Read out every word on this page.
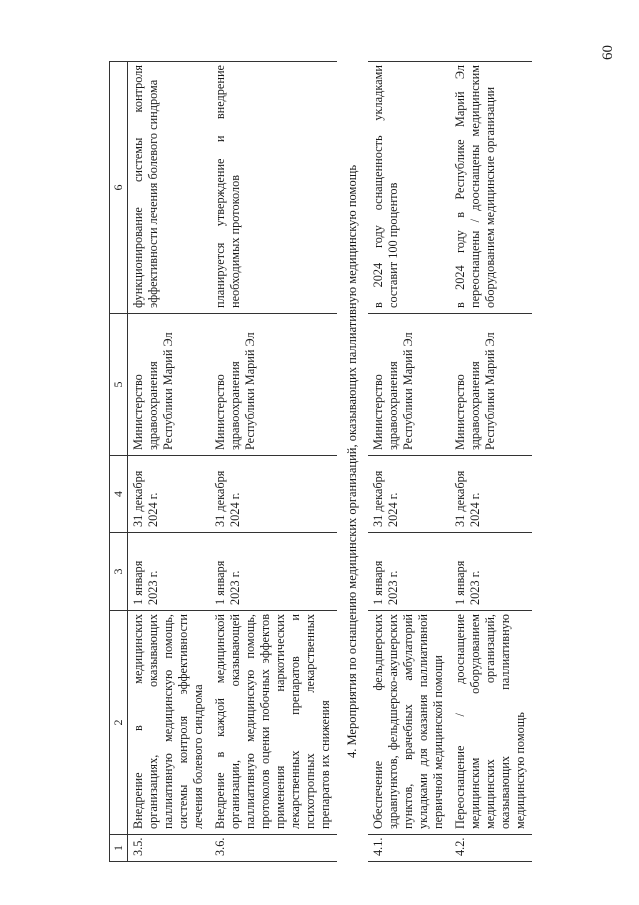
60
1	2	3	4	5	6
3.5.	Внедрение в медицинских организациях, оказывающих паллиативную медицинскую помощь, системы контроля эффективности лечения болевого синдрома	1 января 2023 г.	31 декабря 2024 г.	Министерство здравоохранения Республики Марий Эл	функционирование системы контроля эффективности лечения болевого синдрома
3.6.	Внедрение в каждой медицинской организации, оказывающей паллиативную медицинскую помощь, протоколов оценки побочных эффектов применения наркотических лекарственных препаратов и психотропных лекарственных препаратов их снижения	1 января 2023 г.	31 декабря 2024 г.	Министерство здравоохранения Республики Марий Эл	планируется утверждение и внедрение необходимых протоколов
4. Мероприятия по оснащению медицинских организаций, оказывающих паллиативную медицинскую помощь					
4.1.	Обеспечение фельдшерских здравпунктов, фельдшерско-акушерских пунктов, врачебных амбулаторий укладками для оказания паллиативной первичной медицинской помощи	1 января 2023 г.	31 декабря 2024 г.	Министерство здравоохранения Республики Марий Эл	в 2024 году оснащенность укладками составит 100 процентов
4.2.	Переоснащение / дооснащение медицинским оборудованием медицинских организаций, оказывающих паллиативную медицинскую помощь	1 января 2023 г.	31 декабря 2024 г.	Министерство здравоохранения Республики Марий Эл	в 2024 году в Республике Марий Эл переоснащены / дооснащены медицинским оборудованием медицинские организации
